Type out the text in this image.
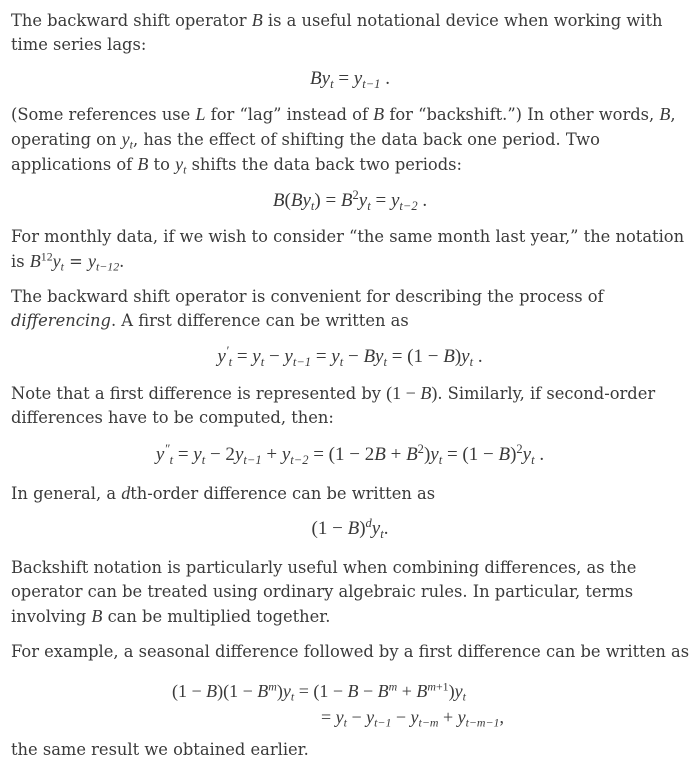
The backward shift operator B is a useful notational device when working with time series lags:

$By_t = y_{t-1}$ .

(Some references use L for “lag” instead of B for “backshift.”) In other words, B, operating on $y_t$, has the effect of shifting the data back one period. Two applications of B to $y_t$ shifts the data back two periods:

$B(By_t) = B^2y_t = y_{t-2}$ .

For monthly data, if we wish to consider “the same month last year,” the notation is $B^{12}y_t = y_{t-12}$.

The backward shift operator is convenient for describing the process of differencing. A first difference can be written as

$y'_t = y_t - y_{t-1} = y_t - By_t = (1 - B)y_t$ .

Note that a first difference is represented by (1 − B). Similarly, if second-order differences have to be computed, then:

$y''_t = y_t - 2y_{t-1} + y_{t-2} = (1 - 2B + B^2)y_t = (1 - B)^2y_t$ .

In general, a dth-order difference can be written as

$(1 - B)^dy_t$.

Backshift notation is particularly useful when combining differences, as the operator can be treated using ordinary algebraic rules. In particular, terms involving B can be multiplied together.

For example, a seasonal difference followed by a first difference can be written as

$(1 - B)(1 - B^m)y_t = (1 - B - B^m + B^{m+1})y_t$
= $y_t - y_{t-1} - y_{t-m} + y_{t-m-1}$,

the same result we obtained earlier.
